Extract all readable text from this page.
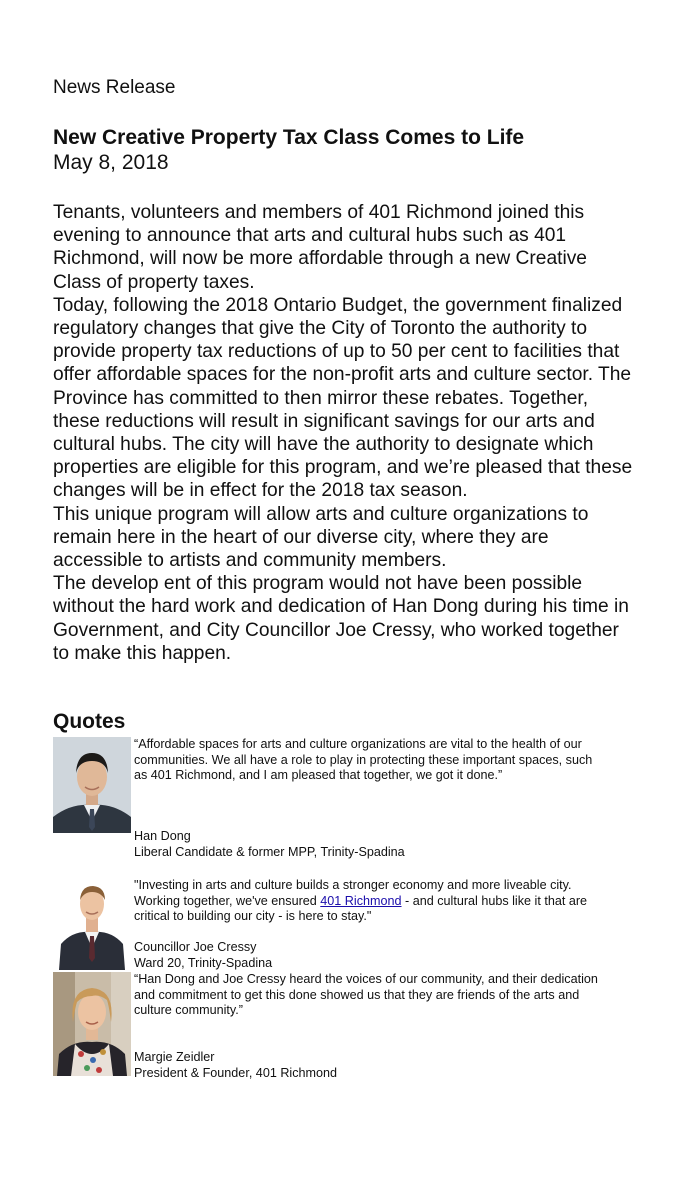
News Release
New Creative Property Tax Class Comes to Life
May 8, 2018

Tenants, volunteers and members of 401 Richmond joined this evening to announce that arts and cultural hubs such as 401 Richmond, will now be more affordable through a new Creative Class of property taxes.

Today, following the 2018 Ontario Budget, the government finalized regulatory changes that give the City of Toronto the authority to provide property tax reductions of up to 50 per cent to facilities that offer affordable spaces for the non-profit arts and culture sector. The Province has committed to then mirror these rebates. Together, these reductions will result in significant savings for our arts and cultural hubs. The city will have the authority to designate which properties are eligible for this program, and we’re pleased that these changes will be in effect for the 2018 tax season.

This unique program will allow arts and culture organizations to remain here in the heart of our diverse city, where they are accessible to artists and community members.

The develop ent of this program would not have been possible without the hard work and dedication of Han Dong during his time in Government, and City Councillor Joe Cressy, who worked together to make this happen.

Quotes
“Affordable spaces for arts and culture organizations are vital to the health of our communities. We all have a role to play in protecting these important spaces, such as 401 Richmond, and I am pleased that together, we got it done.”
Han Dong
Liberal Candidate & former MPP, Trinity-Spadina
"Investing in arts and culture builds a stronger economy and more liveable city. Working together, we've ensured 401 Richmond - and cultural hubs like it that are critical to building our city - is here to stay."
Councillor Joe Cressy
Ward 20, Trinity-Spadina
“Han Dong and Joe Cressy heard the voices of our community, and their dedication and commitment to get this done showed us that they are friends of the arts and culture community.”
Margie Zeidler
President & Founder, 401 Richmond
